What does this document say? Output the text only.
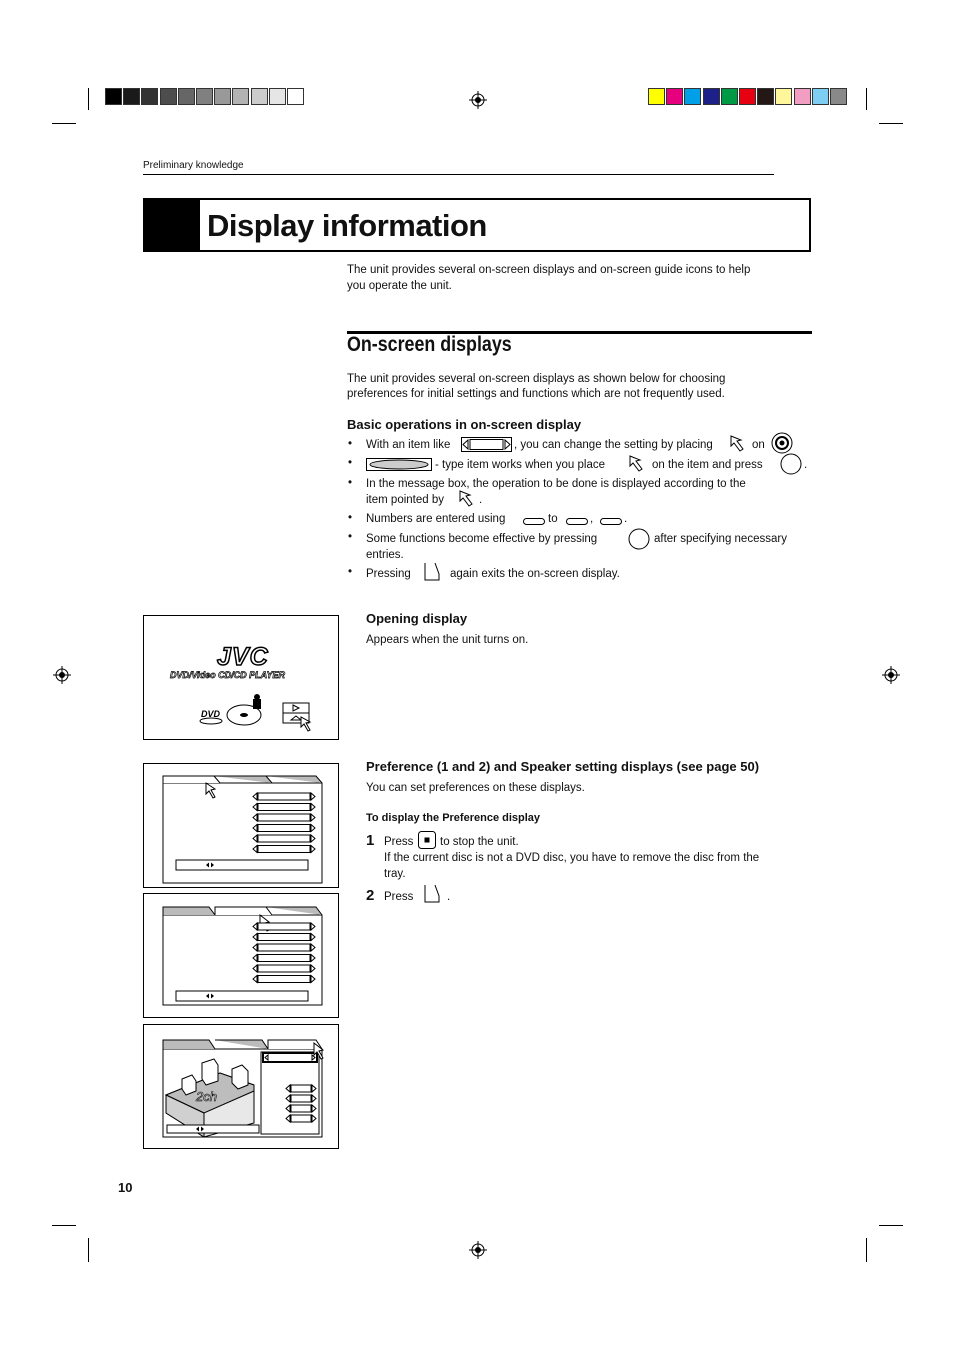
Preliminary knowledge
Display information
The unit provides several on-screen displays and on-screen guide icons to help
you operate the unit.
On-screen displays
The unit provides several on-screen displays as shown below for choosing
preferences for initial settings and functions which are not frequently used.
Basic operations in on-screen display
• With an item like	, you can change the setting by placing	on
•	- type item works when you place	on the item and press	.
• In the message box, the operation to be done is displayed according to the
item pointed by	.
• Numbers are entered using	to	,	.
• Some functions become effective by pressing	after specifying necessary
entries.
• Pressing	again exits the on-screen display.
JVC
DVD/Video CD/CD PLAYER
DVD
Opening display
Appears when the unit turns on.
2ch
Preference (1 and 2) and Speaker setting displays (see page 50)
You can set preferences on these displays.
To display the Preference display
1 Press to stop the unit.
If the current disc is not a DVD disc, you have to remove the disc from the
tray.
2 Press	.
10
